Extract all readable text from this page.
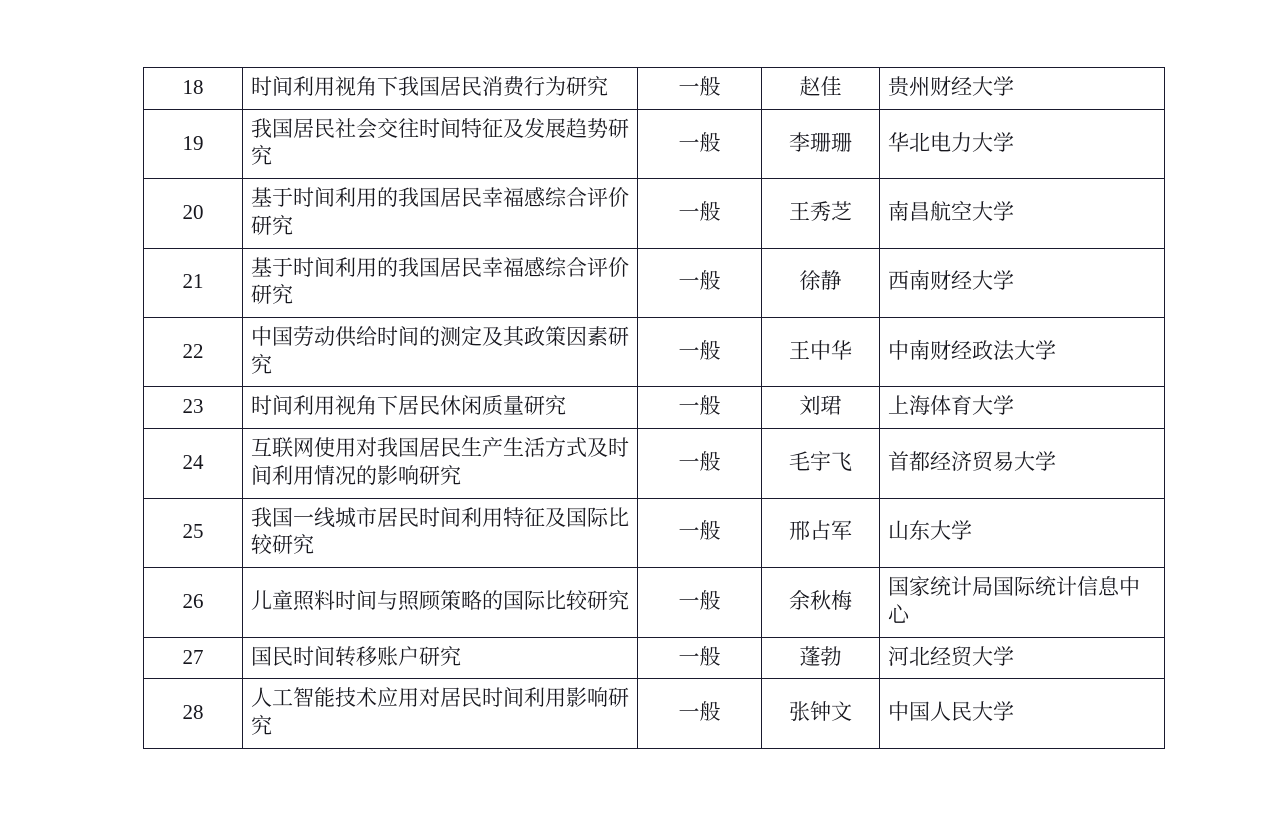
18	时间利用视角下我国居民消费行为研究	一般	赵佳	贵州财经大学

19	我国居民社会交往时间特征及发展趋势研究	一般	李珊珊	华北电力大学

20	基于时间利用的我国居民幸福感综合评价研究	一般	王秀芝	南昌航空大学

21	基于时间利用的我国居民幸福感综合评价研究	一般	徐静	西南财经大学

22	中国劳动供给时间的测定及其政策因素研究	一般	王中华	中南财经政法大学

23	时间利用视角下居民休闲质量研究	一般	刘珺	上海体育大学

24	互联网使用对我国居民生产生活方式及时间利用情况的影响研究	一般	毛宇飞	首都经济贸易大学

25	我国一线城市居民时间利用特征及国际比较研究	一般	邢占军	山东大学

26	儿童照料时间与照顾策略的国际比较研究	一般	余秋梅	国家统计局国际统计信息中心

27	国民时间转移账户研究	一般	蓬勃	河北经贸大学

28	人工智能技术应用对居民时间利用影响研究	一般	张钟文	中国人民大学
